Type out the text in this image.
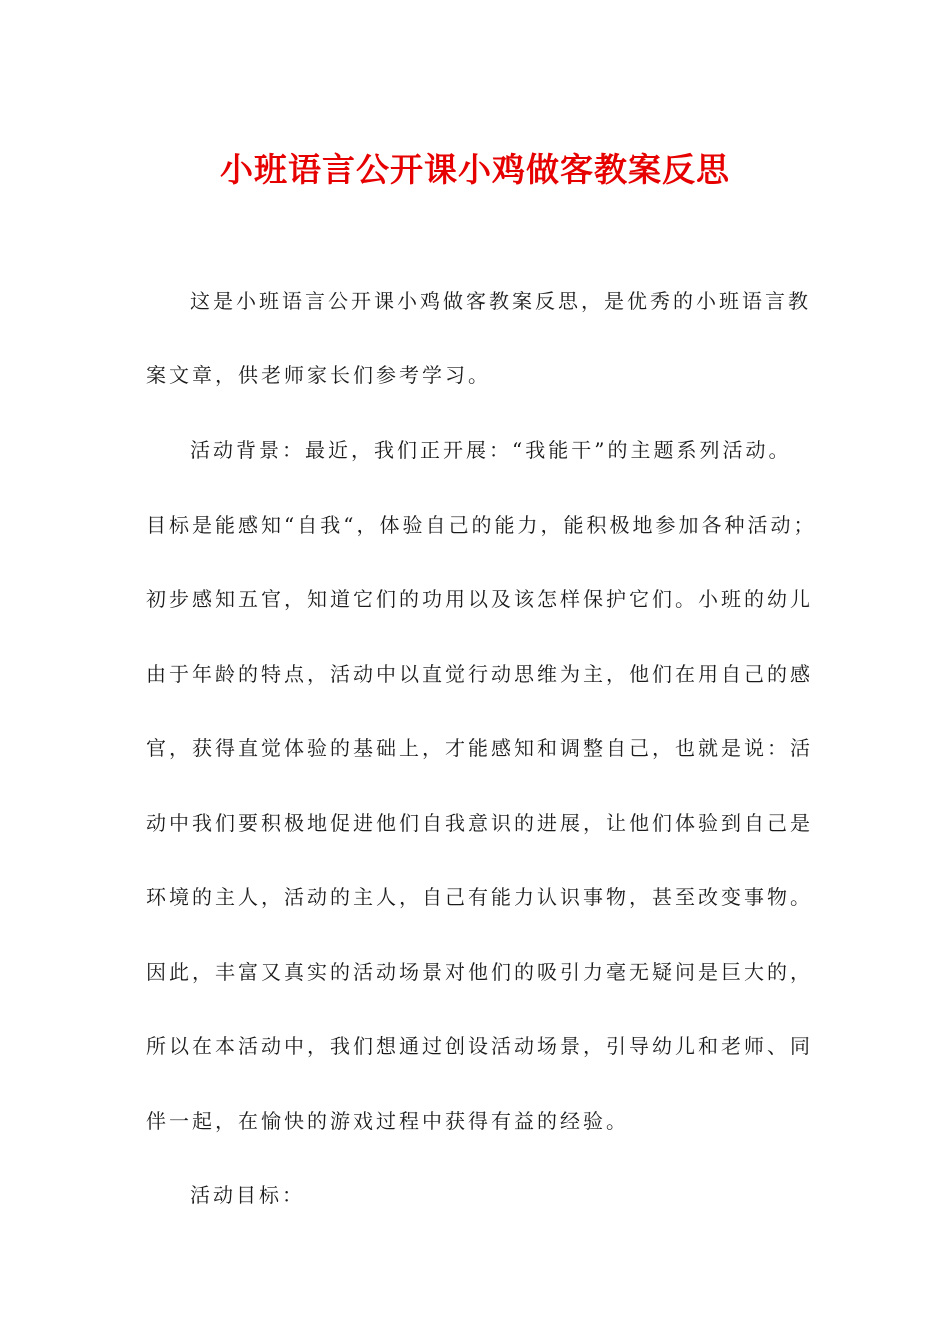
小班语言公开课小鸡做客教案反思
这是小班语言公开课小鸡做客教案反思，是优秀的小班语言教
案文章，供老师家长们参考学习。
活动背景：最近，我们正开展：“我能干”的主题系列活动。
目标是能感知“自我“，体验自己的能力，能积极地参加各种活动；
初步感知五官，知道它们的功用以及该怎样保护它们。小班的幼儿
由于年龄的特点，活动中以直觉行动思维为主，他们在用自己的感
官，获得直觉体验的基础上，才能感知和调整自己，也就是说：活
动中我们要积极地促进他们自我意识的进展，让他们体验到自己是
环境的主人，活动的主人，自己有能力认识事物，甚至改变事物。
因此，丰富又真实的活动场景对他们的吸引力毫无疑问是巨大的，
所以在本活动中，我们想通过创设活动场景，引导幼儿和老师、同
伴一起，在愉快的游戏过程中获得有益的经验。
活动目标：
